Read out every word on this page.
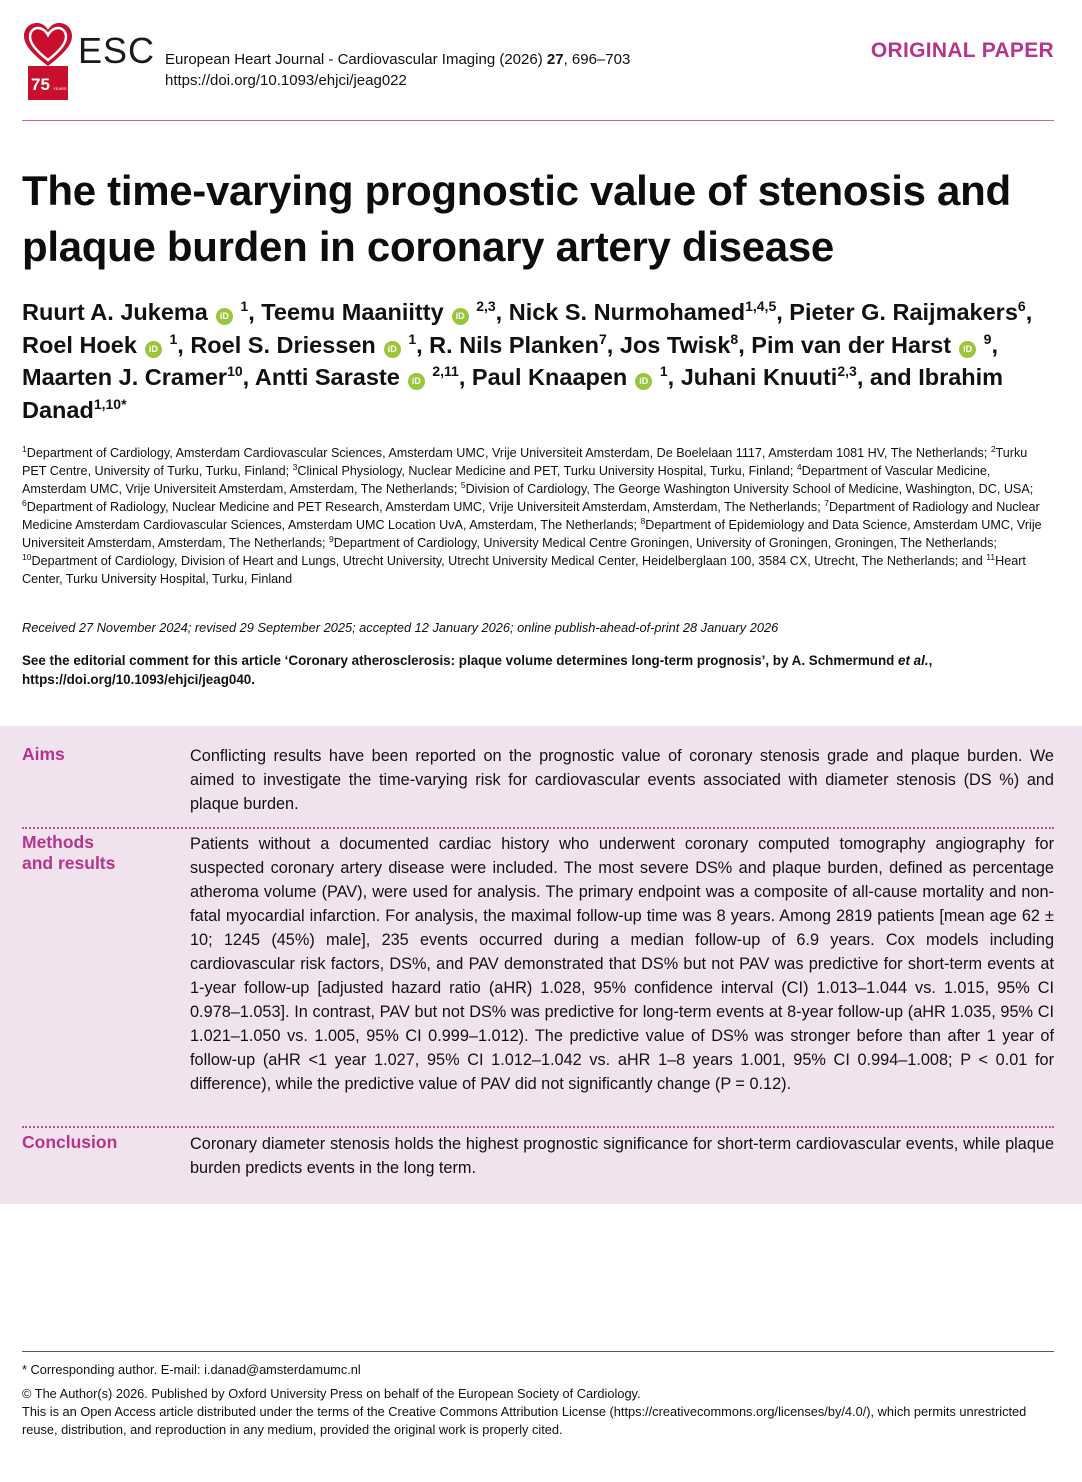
75 YEARS
ESC European Heart Journal - Cardiovascular Imaging (2026) 27, 696–703
https://doi.org/10.1093/ehjci/jeag022
ORIGINAL PAPER
The time-varying prognostic value of stenosis and plaque burden in coronary artery disease
Ruurt A. Jukema iD $^1$, Teemu Maaniitty iD $^{2,3}$, Nick S. Nurmohamed$^{1,4,5}$, Pieter G. Raijmakers$^6$, Roel Hoek iD $^1$, Roel S. Driessen iD $^1$, R. Nils Planken$^7$, Jos Twisk$^8$, Pim van der Harst iD $^9$, Maarten J. Cramer$^{10}$, Antti Saraste iD $^{2,11}$, Paul Knaapen iD $^1$, Juhani Knuuti$^{2,3}$, and Ibrahim Danad$^{1,10*}$
$^1$Department of Cardiology, Amsterdam Cardiovascular Sciences, Amsterdam UMC, Vrije Universiteit Amsterdam, De Boelelaan 1117, Amsterdam 1081 HV, The Netherlands; $^2$Turku PET Centre, University of Turku, Turku, Finland; $^3$Clinical Physiology, Nuclear Medicine and PET, Turku University Hospital, Turku, Finland; $^4$Department of Vascular Medicine, Amsterdam UMC, Vrije Universiteit Amsterdam, Amsterdam, The Netherlands; $^5$Division of Cardiology, The George Washington University School of Medicine, Washington, DC, USA; $^6$Department of Radiology, Nuclear Medicine and PET Research, Amsterdam UMC, Vrije Universiteit Amsterdam, Amsterdam, The Netherlands; $^7$Department of Radiology and Nuclear Medicine Amsterdam Cardiovascular Sciences, Amsterdam UMC Location UvA, Amsterdam, The Netherlands; $^8$Department of Epidemiology and Data Science, Amsterdam UMC, Vrije Universiteit Amsterdam, Amsterdam, The Netherlands; $^9$Department of Cardiology, University Medical Centre Groningen, University of Groningen, Groningen, The Netherlands; $^{10}$Department of Cardiology, Division of Heart and Lungs, Utrecht University, Utrecht University Medical Center, Heidelberglaan 100, 3584 CX, Utrecht, The Netherlands; and $^{11}$Heart Center, Turku University Hospital, Turku, Finland
Received 27 November 2024; revised 29 September 2025; accepted 12 January 2026; online publish-ahead-of-print 28 January 2026
See the editorial comment for this article ‘Coronary atherosclerosis: plaque volume determines long-term prognosis’, by A. Schmermund et al., https://doi.org/10.1093/ehjci/jeag040.
Aims	Conflicting results have been reported on the prognostic value of coronary stenosis grade and plaque burden. We aimed to investigate the time-varying risk for cardiovascular events associated with diameter stenosis (DS %) and plaque burden.
Methods
and results
Patients without a documented cardiac history who underwent coronary computed tomography angiography for suspected coronary artery disease were included. The most severe DS% and plaque burden, defined as percentage atheroma volume (PAV), were used for analysis. The primary endpoint was a composite of all-cause mortality and non-fatal myocardial infarction. For analysis, the maximal follow-up time was 8 years. Among 2819 patients [mean age 62 ± 10; 1245 (45%) male], 235 events occurred during a median follow-up of 6.9 years. Cox models including cardiovascular risk factors, DS%, and PAV demonstrated that DS% but not PAV was predictive for short-term events at 1-year follow-up [adjusted hazard ratio (aHR) 1.028, 95% confidence interval (CI) 1.013–1.044 vs. 1.015, 95% CI 0.978–1.053]. In contrast, PAV but not DS% was predictive for long-term events at 8-year follow-up (aHR 1.035, 95% CI 1.021–1.050 vs. 1.005, 95% CI 0.999–1.012). The predictive value of DS% was stronger before than after 1 year of follow-up (aHR <1 year 1.027, 95% CI 1.012–1.042 vs. aHR 1–8 years 1.001, 95% CI 0.994–1.008; P < 0.01 for difference), while the predictive value of PAV did not significantly change (P = 0.12).
Conclusion	Coronary diameter stenosis holds the highest prognostic significance for short-term cardiovascular events, while plaque burden predicts events in the long term.
* Corresponding author. E-mail: i.danad@amsterdamumc.nl
© The Author(s) 2026. Published by Oxford University Press on behalf of the European Society of Cardiology.
This is an Open Access article distributed under the terms of the Creative Commons Attribution License (https://creativecommons.org/licenses/by/4.0/), which permits unrestricted reuse, distribution, and reproduction in any medium, provided the original work is properly cited.
